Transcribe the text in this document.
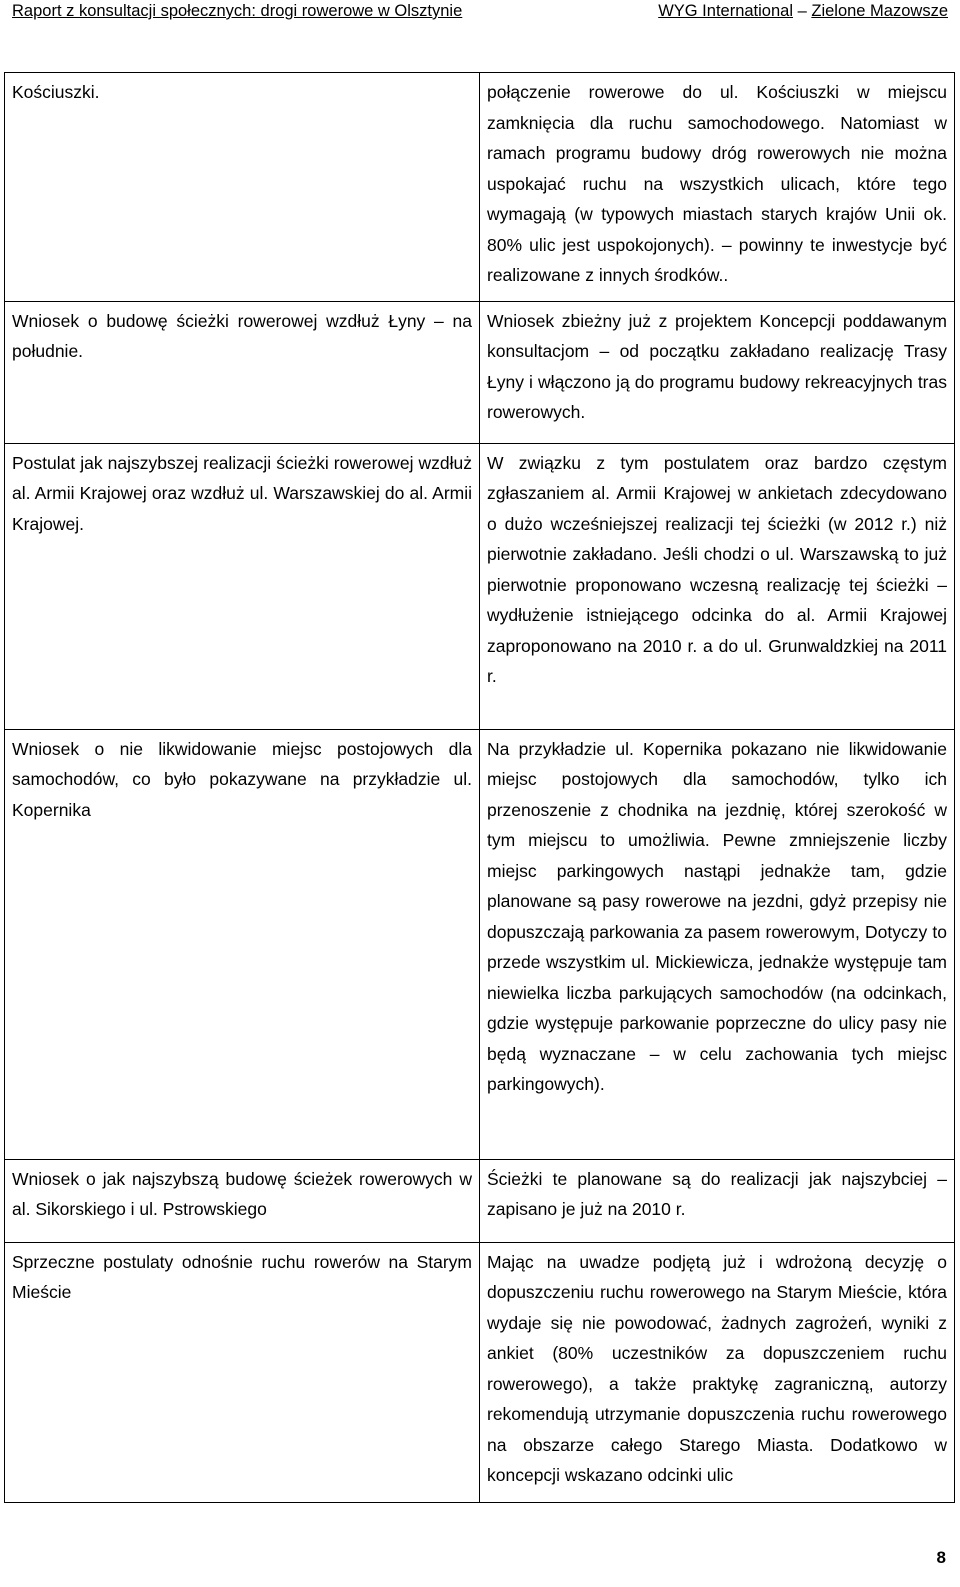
Raport z konsultacji społecznych: drogi rowerowe w Olsztynie	WYG International – Zielone Mazowsze
Kościuszki.	połączenie rowerowe do ul. Kościuszki w miejscu zamknięcia dla ruchu samochodowego. Natomiast w ramach programu budowy dróg rowerowych nie można uspokajać ruchu na wszystkich ulicach, które tego wymagają (w typowych miastach starych krajów Unii ok. 80% ulic jest uspokojonych). – powinny te inwestycje być realizowane z innych środków..
Wniosek o budowę ścieżki rowerowej wzdłuż Łyny – na południe.	Wniosek zbieżny już z projektem Koncepcji poddawanym konsultacjom – od początku zakładano realizację Trasy Łyny i włączono ją do programu budowy rekreacyjnych tras rowerowych.
Postulat jak najszybszej realizacji ścieżki rowerowej wzdłuż al. Armii Krajowej oraz wzdłuż ul. Warszawskiej do al. Armii Krajowej.	W związku z tym postulatem oraz bardzo częstym zgłaszaniem al. Armii Krajowej w ankietach zdecydowano o dużo wcześniejszej realizacji tej ścieżki (w 2012 r.) niż pierwotnie zakładano. Jeśli chodzi o ul. Warszawską to już pierwotnie proponowano wczesną realizację tej ścieżki – wydłużenie istniejącego odcinka do al. Armii Krajowej zaproponowano na 2010 r. a do ul. Grunwaldzkiej na 2011 r.
Wniosek o nie likwidowanie miejsc postojowych dla samochodów, co było pokazywane na przykładzie ul. Kopernika	Na przykładzie ul. Kopernika pokazano nie likwidowanie miejsc postojowych dla samochodów, tylko ich przenoszenie z chodnika na jezdnię, której szerokość w tym miejscu to umożliwia. Pewne zmniejszenie liczby miejsc parkingowych nastąpi jednakże tam, gdzie planowane są pasy rowerowe na jezdni, gdyż przepisy nie dopuszczają parkowania za pasem rowerowym, Dotyczy to przede wszystkim ul. Mickiewicza, jednakże występuje tam niewielka liczba parkujących samochodów (na odcinkach, gdzie występuje parkowanie poprzeczne do ulicy pasy nie będą wyznaczane – w celu zachowania tych miejsc parkingowych).
Wniosek o jak najszybszą budowę ścieżek rowerowych w al. Sikorskiego i ul. Pstrowskiego	Ścieżki te planowane są do realizacji jak najszybciej – zapisano je już na 2010 r.
Sprzeczne postulaty odnośnie ruchu rowerów na Starym Mieście	Mając na uwadze podjętą już i wdrożoną decyzję o dopuszczeniu ruchu rowerowego na Starym Mieście, która wydaje się nie powodować, żadnych zagrożeń, wyniki z ankiet (80% uczestników za dopuszczeniem ruchu rowerowego), a także praktykę zagraniczną, autorzy rekomendują utrzymanie dopuszczenia ruchu rowerowego na obszarze całego Starego Miasta. Dodatkowo w koncepcji wskazano odcinki ulic
8
